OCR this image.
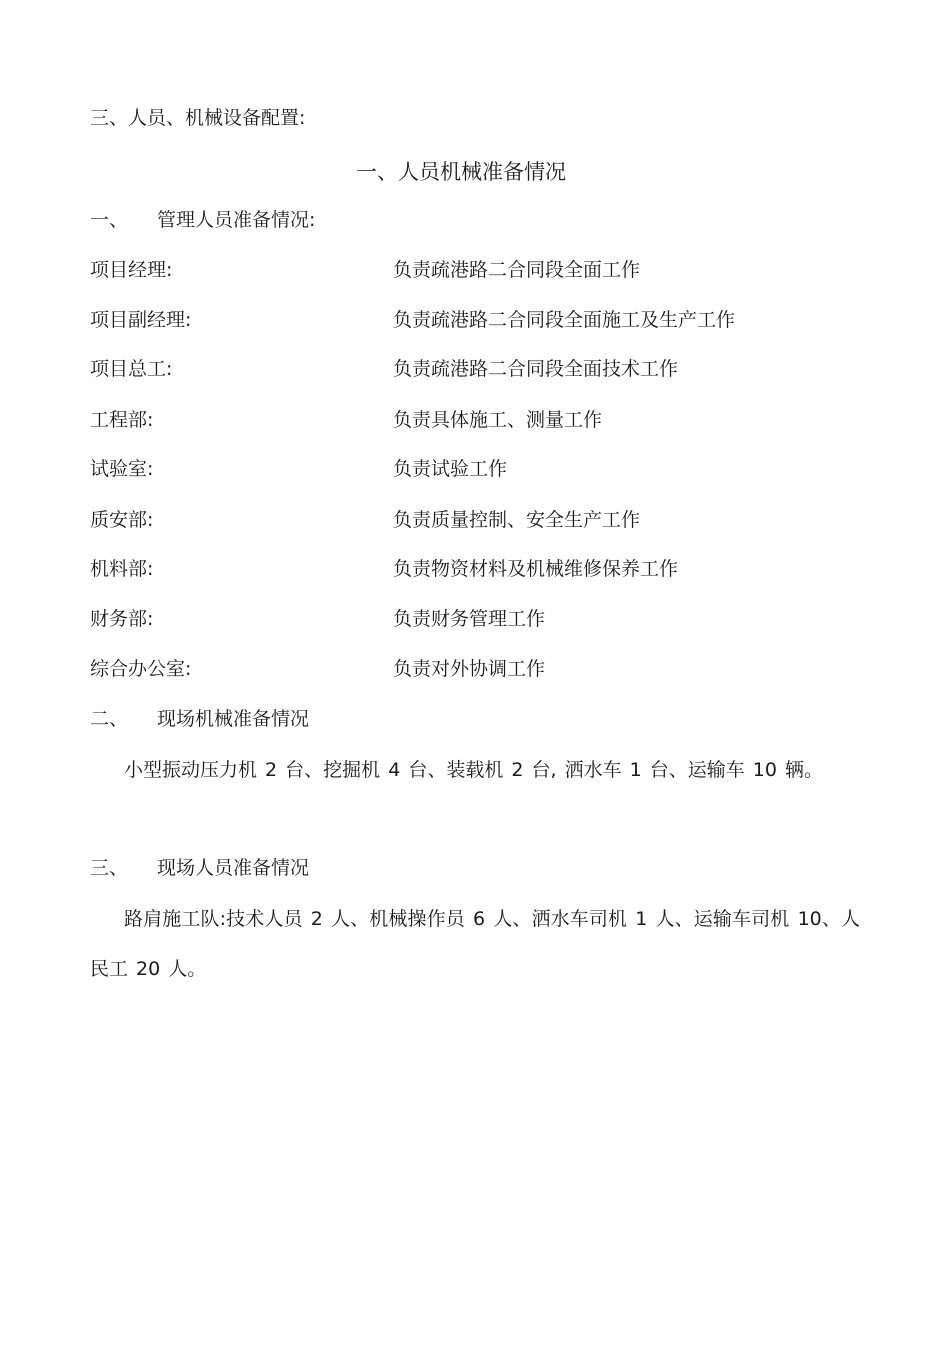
三、人员、机械设备配置:
一、人员机械准备情况
一、 管理人员准备情况:
项目经理:	负责疏港路二合同段全面工作
项目副经理:	负责疏港路二合同段全面施工及生产工作
项目总工:	负责疏港路二合同段全面技术工作
工程部:	负责具体施工、测量工作
试验室:	负责试验工作
质安部:	负责质量控制、安全生产工作
机料部:	负责物资材料及机械维修保养工作
财务部:	负责财务管理工作
综合办公室:	负责对外协调工作
二、 现场机械准备情况
小型振动压力机 2 台、挖掘机 4 台、装载机 2 台, 洒水车 1 台、运输车 10 辆。
三、 现场人员准备情况
路肩施工队:技术人员 2 人、机械操作员 6 人、洒水车司机 1 人、运输车司机 10、人民工 20 人。
